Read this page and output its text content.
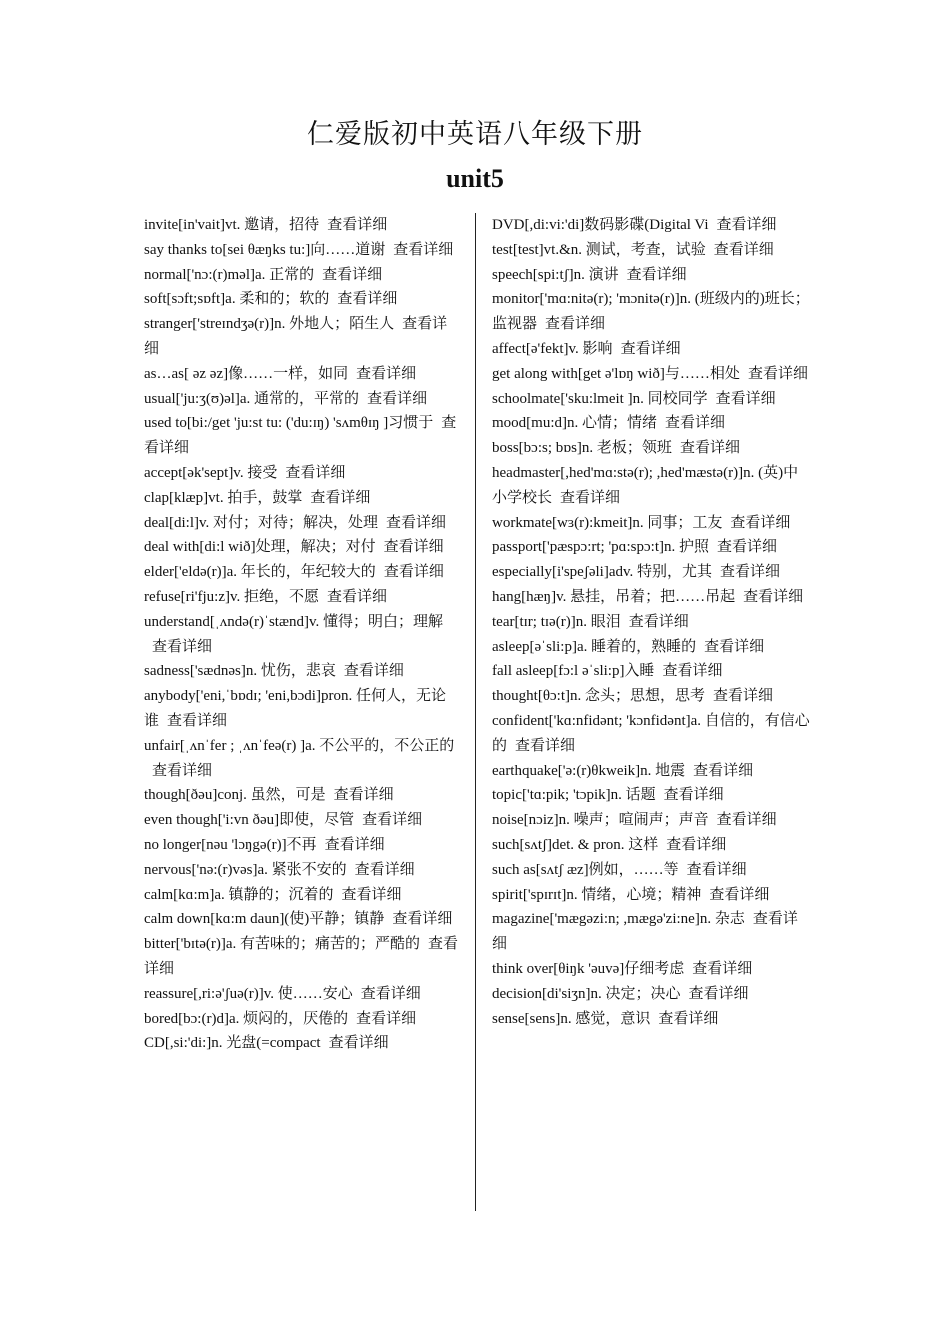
仁爱版初中英语八年级下册
unit5

invite[in'vait]vt. 邀请，招待 查看详细

say thanks to[sei θæŋks tu:]向……道谢 查看详细

normal['nɔ:(r)məl]a. 正常的 查看详细

soft[sɔft;sɒft]a. 柔和的；软的 查看详细

stranger['streɪndʒə(r)]n. 外地人；陌生人 查看详细

as…as[ əz əz]像……一样，如同 查看详细

usual['ju:ʒ(ʊ)əl]a. 通常的，平常的 查看详细

used to[bi:/get 'ju:st tu: ('du:ɪŋ) 'sʌmθɪŋ ]习惯于 查看详细

accept[ək'sept]v. 接受 查看详细

clap[klæp]vt. 拍手，鼓掌 查看详细

deal[di:l]v. 对付；对待；解决，处理 查看详细

deal with[di:l wið]处理，解决；对付 查看详细

elder['eldə(r)]a. 年长的，年纪较大的 查看详细

refuse[ri'fju:z]v. 拒绝，不愿 查看详细

understand[ˌʌndə(r)ˈstænd]v. 懂得；明白；理解查看详细

sadness['sædnəs]n. 忧伤，悲哀 查看详细

anybody['eni,ˈbɒdɪ; 'eni,bɔdi]pron. 任何人，无论谁 查看详细

unfair[ˌʌnˈfer ; ˌʌnˈfeə(r) ]a. 不公平的，不公正的查看详细

though[ðəu]conj. 虽然，可是 查看详细

even though['i:vn ðəu]即使，尽管 查看详细

no longer[nəu 'lɔŋgə(r)]不再 查看详细

nervous['nə:(r)vəs]a. 紧张不安的 查看详细

calm[kɑ:m]a. 镇静的；沉着的 查看详细

calm down[kɑ:m daun](使)平静；镇静 查看详细

bitter['bɪtə(r)]a. 有苦味的；痛苦的；严酷的 查看详细

reassure[,ri:ə'ʃuə(r)]v. 使……安心 查看详细

bored[bɔ:(r)d]a. 烦闷的，厌倦的 查看详细

CD[,si:'di:]n. 光盘(=compact 查看详细

DVD[,di:vi:'di]数码影碟(Digital Vi 查看详细

test[test]vt.&n. 测试，考查，试验 查看详细

speech[spi:tʃ]n. 演讲 查看详细

monitor['mɑ:nitə(r); 'mɔnitə(r)]n. (班级内的)班长；监视器 查看详细

affect[ə'fekt]v. 影响 查看详细

get along with[get ə'lɒŋ wið]与……相处 查看详细

schoolmate['sku:lmeit ]n. 同校同学 查看详细

mood[mu:d]n. 心情；情绪 查看详细

boss[bɔ:s; bɒs]n. 老板；领班 查看详细

headmaster[,hed'mɑ:stə(r); ,hed'mæstə(r)]n. (英)中小学校长 查看详细

workmate[wɜ(r):kmeit]n. 同事；工友 查看详细

passport['pæspɔ:rt; 'pɑ:spɔ:t]n. 护照 查看详细

especially[i'speʃəli]adv. 特别，尤其 查看详细

hang[hæŋ]v. 悬挂，吊着；把……吊起 查看详细

tear[tɪr; tɪə(r)]n. 眼泪 查看详细

asleep[əˈsli:p]a. 睡着的，熟睡的 查看详细

fall asleep[fɔ:l əˈsli:p]入睡 查看详细

thought[θɔ:t]n. 念头；思想，思考 查看详细

confident['kɑ:nfidənt; 'kɔnfidənt]a. 自信的，有信心的 查看详细

earthquake['ə:(r)θkweik]n. 地震 查看详细

topic['tɑ:pik; 'tɔpik]n. 话题 查看详细

noise[nɔiz]n. 噪声；喧闹声；声音 查看详细

such[sʌtʃ]det. & pron. 这样 查看详细

such as[sʌtʃ æz]例如，……等 查看详细

spirit['spɪrɪt]n. 情绪，心境；精神 查看详细

magazine['mægəzi:n; ,mægə'zi:ne]n. 杂志 查看详细

think over[θiŋk 'əuvə]仔细考虑 查看详细

decision[di'siʒn]n. 决定；决心 查看详细

sense[sens]n. 感觉，意识 查看详细
